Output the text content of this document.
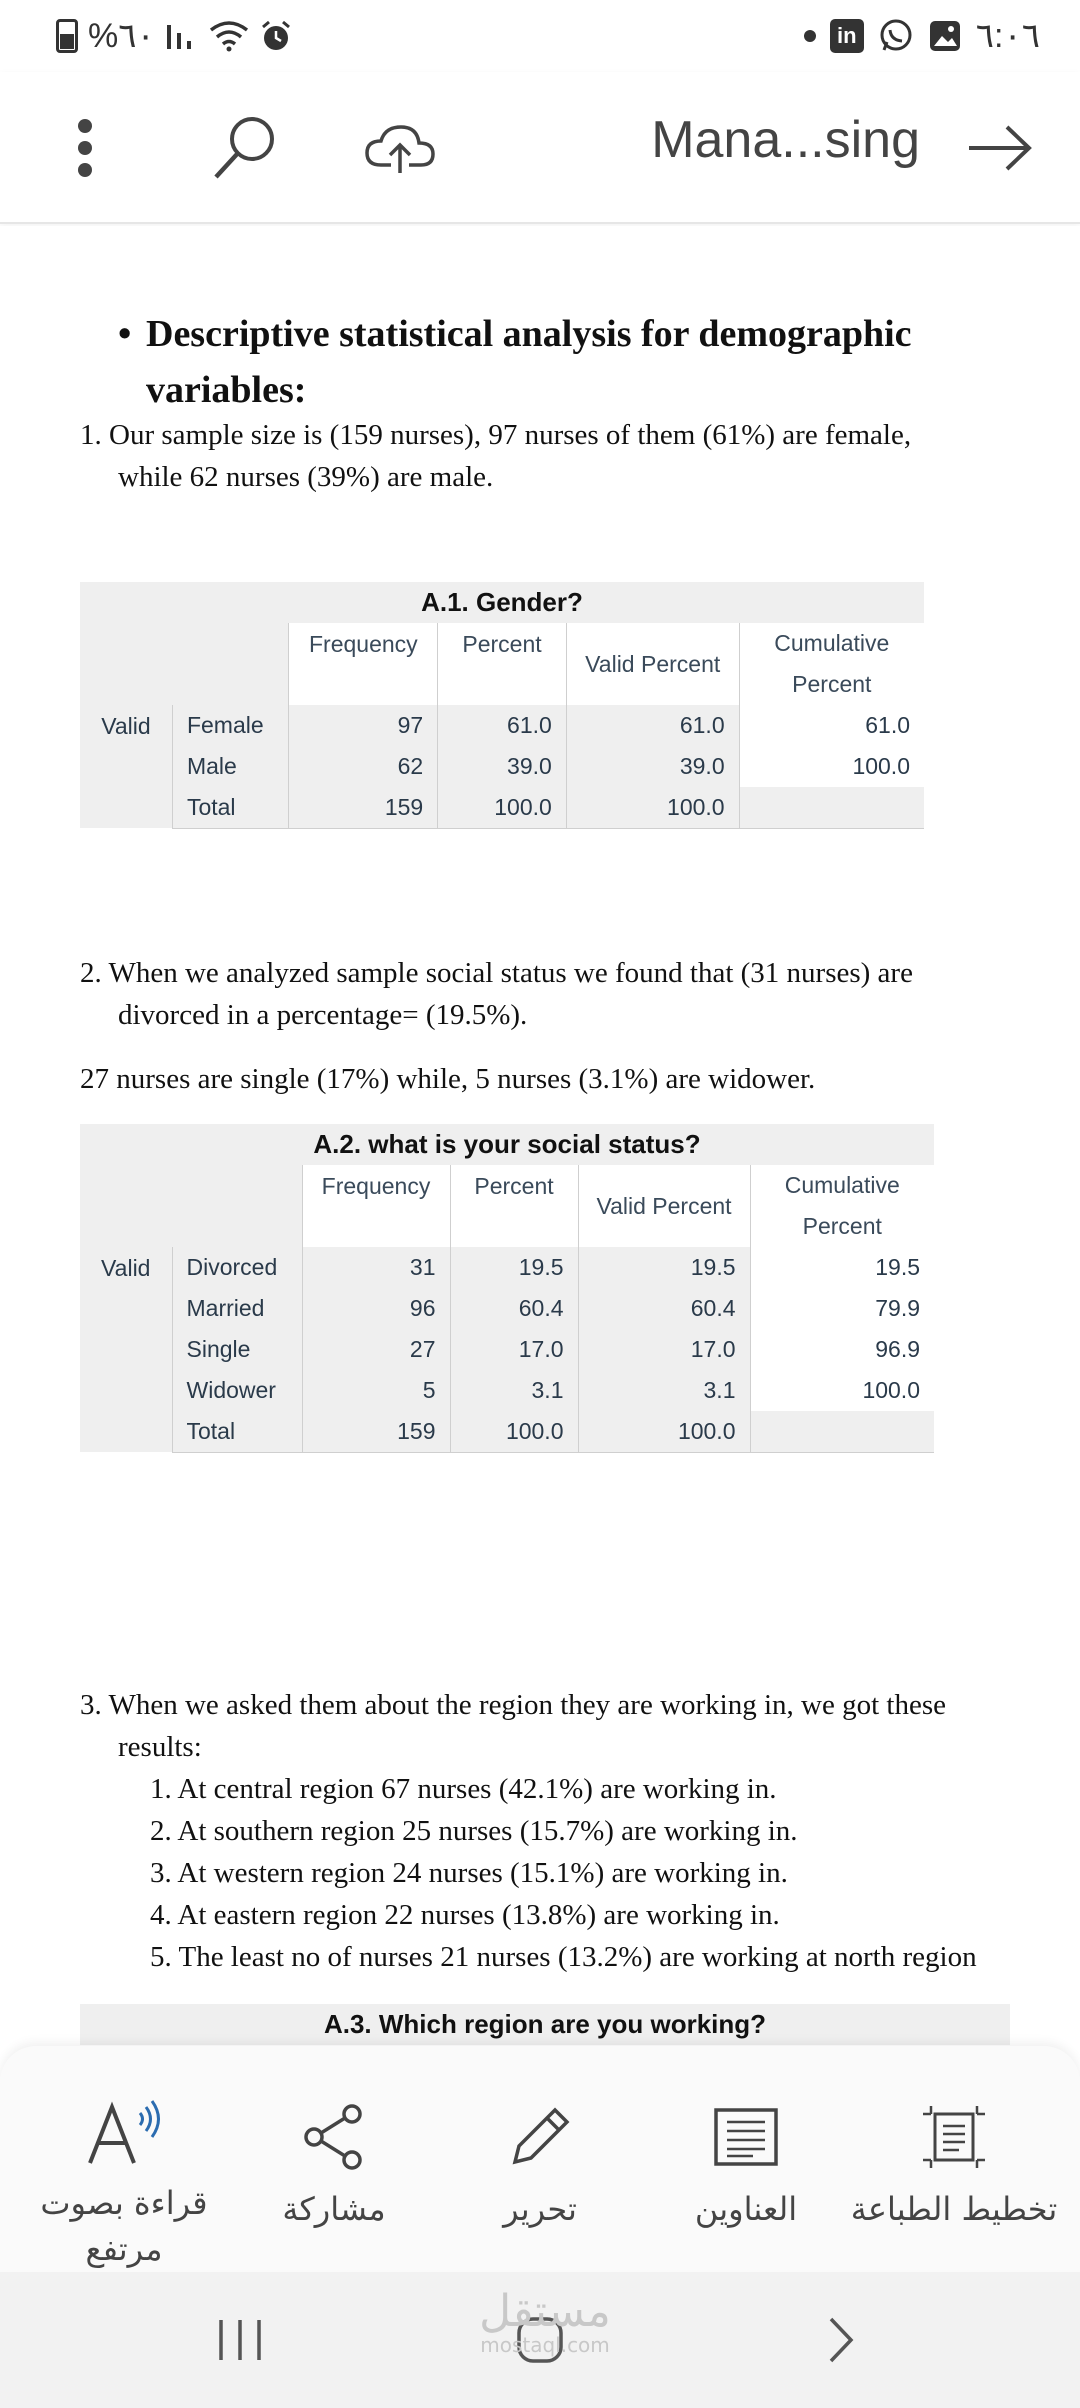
%٦٠	in	٦:٠٦
Mana...sing
• Descriptive statistical analysis for demographic variables:
1. Our sample size is (159 nurses), 97 nurses of them (61%) are female, while 62 nurses (39%) are male.
A.1. Gender?					
		Frequency	Percent	Valid Percent	Cumulative Percent
Valid	Female	97	61.0	61.0	61.0
	Male	62	39.0	39.0	100.0
	Total	159	100.0	100.0	
2. When we analyzed sample social status we found that (31 nurses) are divorced in a percentage= (19.5%).
27 nurses are single (17%) while, 5 nurses (3.1%) are widower.
A.2. what is your social status?					
		Frequency	Percent	Valid Percent	Cumulative Percent
Valid	Divorced	31	19.5	19.5	19.5
	Married	96	60.4	60.4	79.9
	Single	27	17.0	17.0	96.9
	Widower	5	3.1	3.1	100.0
	Total	159	100.0	100.0	
3. When we asked them about the region they are working in, we got these results:
1. At central region 67 nurses (42.1%) are working in.
2. At southern region 25 nurses (15.7%) are working in.
3. At western region 24 nurses (15.1%) are working in.
4. At eastern region 22 nurses (13.8%) are working in.
5. The least no of nurses 21 nurses (13.2%) are working at north region
A.3. Which region are you working?
قراءة بصوت مرتفع
مشاركة	تحرير	العناوين تخطيط الطباعة
مستقل
mostaql.com
